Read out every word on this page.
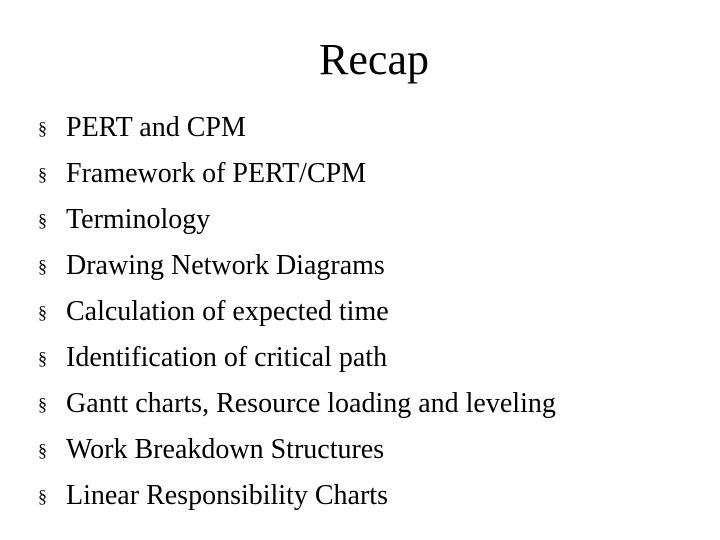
Recap
§ PERT and CPM
§ Framework of PERT/CPM
§ Terminology
§ Drawing Network Diagrams
§ Calculation of expected time
§ Identification of critical path
§ Gantt charts, Resource loading and leveling
§ Work Breakdown Structures
§ Linear Responsibility Charts
